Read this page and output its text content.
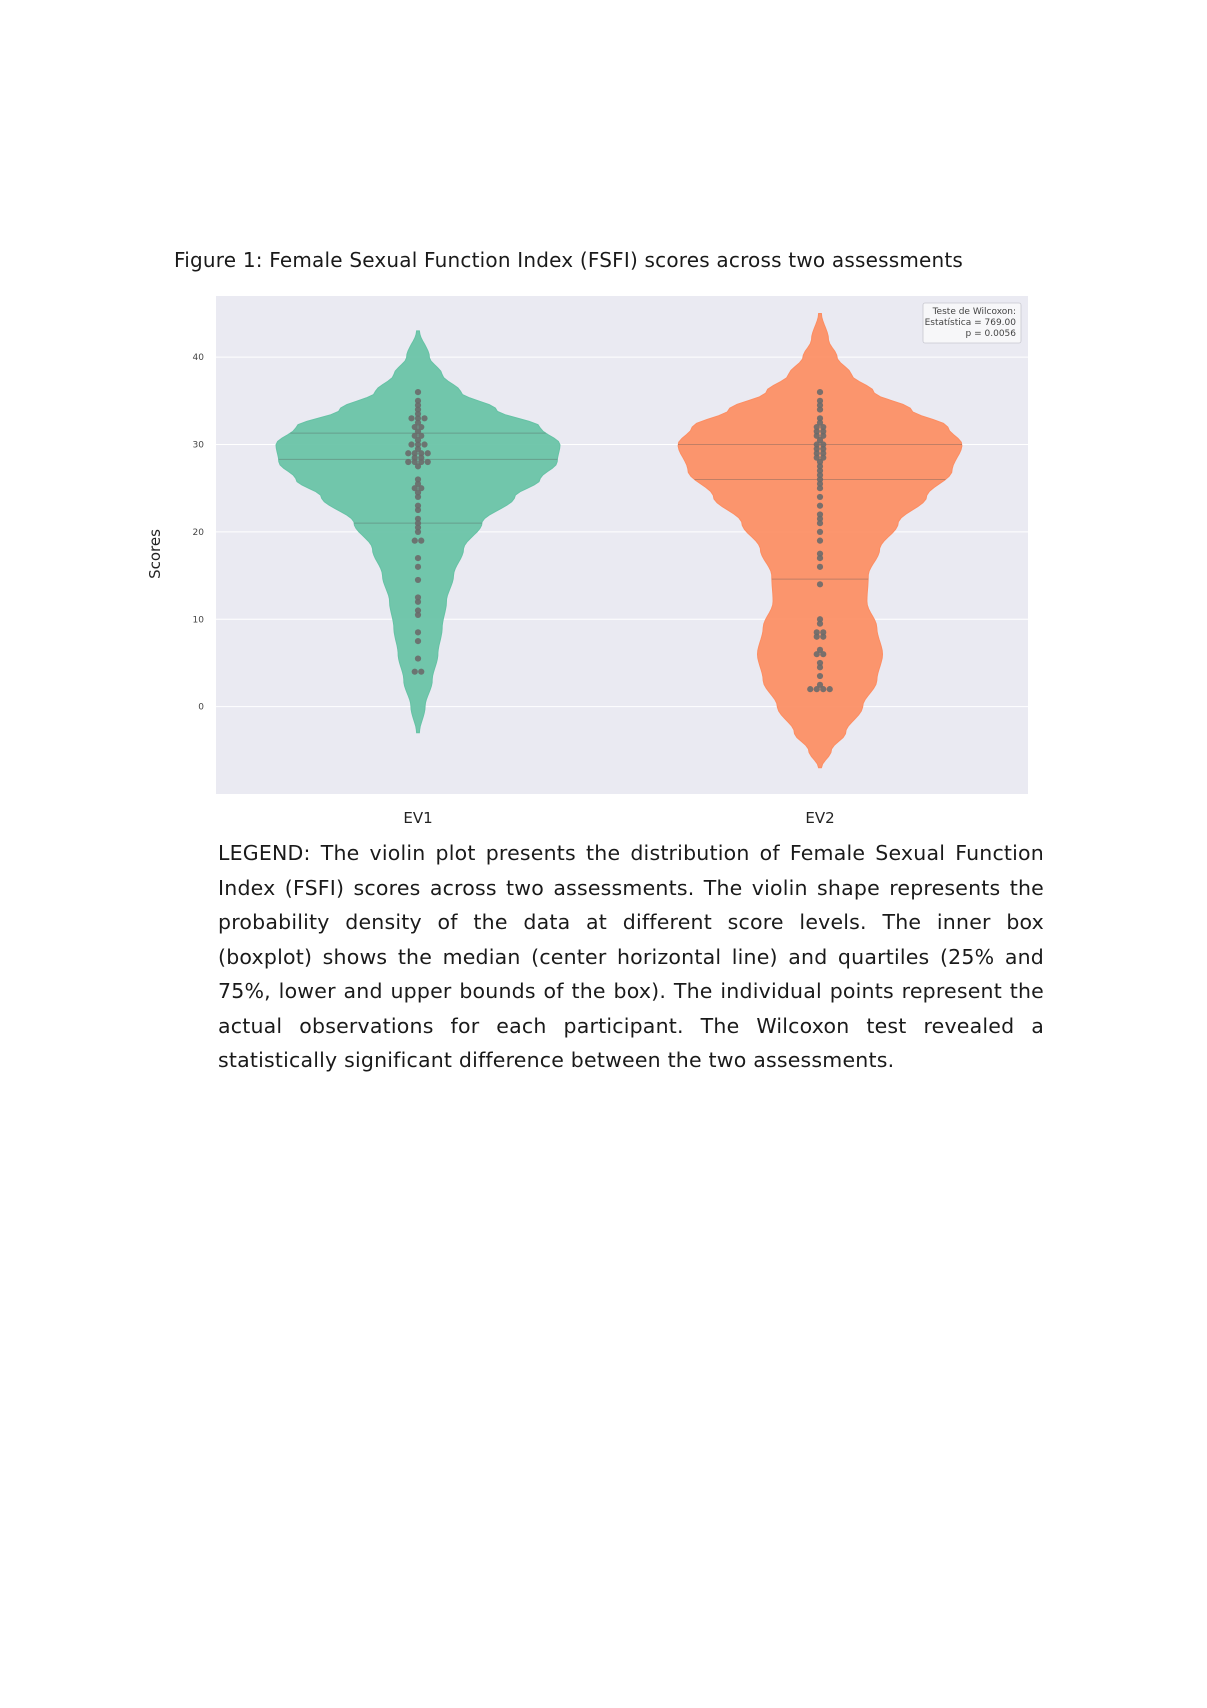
Figure 1: Female Sexual Function Index (FSFI) scores across two assessments
0
10
20
30
40
EV1	EV2
Scores
Teste de Wilcoxon:
Estatística = 769.00
p = 0.0056
LEGEND: The violin plot presents the distribution of Female Sexual Function Index (FSFI) scores across two assessments. The violin shape represents the probability density of the data at different score levels. The inner box (boxplot) shows the median (center horizontal line) and quartiles (25% and 75%, lower and upper bounds of the box). The individual points represent the actual observations for each participant. The Wilcoxon test revealed a statistically significant difference between the two assessments.
